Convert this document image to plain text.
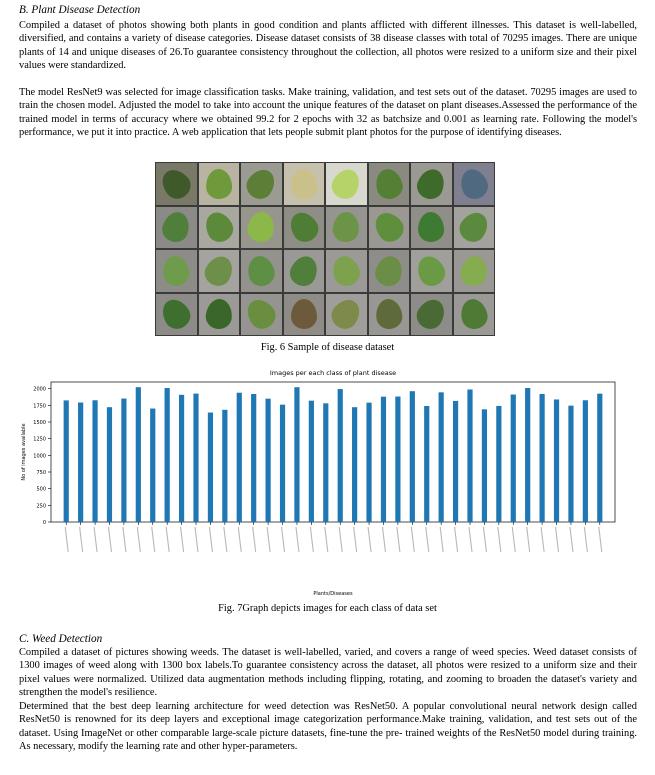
B. Plant Disease Detection

Compiled a dataset of photos showing both plants in good condition and plants afflicted with different illnesses. This dataset is well-labelled, diversified, and contains a variety of disease categories. Disease dataset consists of 38 disease classes with total of 70295 images. There are unique plants of 14 and unique diseases of 26.To guarantee consistency throughout the collection, all photos were resized to a uniform size and their pixel values were standardized.

The model ResNet9 was selected for image classification tasks. Make training, validation, and test sets out of the dataset. 70295 images are used to train the chosen model. Adjusted the model to take into account the unique features of the dataset on plant diseases.Assessed the performance of the trained model in terms of accuracy where we obtained 99.2 for 2 epochs with 32 as batchsize and 0.001 as learning rate. Following the model's performance, we put it into practice. A web application that lets people submit plant photos for the purpose of identifying diseases.

Fig. 6 Sample of disease dataset
Images per each class of plant disease
0
250
500
750
1000
1250
1500
1750
2000
No of images available
Plants/Diseases
Fig. 7Graph depicts images for each class of data set
C. Weed Detection

Compiled a dataset of pictures showing weeds. The dataset is well-labelled, varied, and covers a range of weed species. Weed dataset consists of 1300 images of weed along with 1300 box labels.To guarantee consistency across the dataset, all photos were resized to a uniform size and their pixel values were normalized. Utilized data augmentation methods including flipping, rotating, and zooming to broaden the dataset's variety and strengthen the model's resilience.

Determined that the best deep learning architecture for weed detection was ResNet50. A popular convolutional neural network design called ResNet50 is renowned for its deep layers and exceptional image categorization performance.Make training, validation, and test sets out of the dataset. Using ImageNet or other comparable large-scale picture datasets, fine-tune the pre- trained weights of the ResNet50 model during training. As necessary, modify the learning rate and other hyper-parameters.
